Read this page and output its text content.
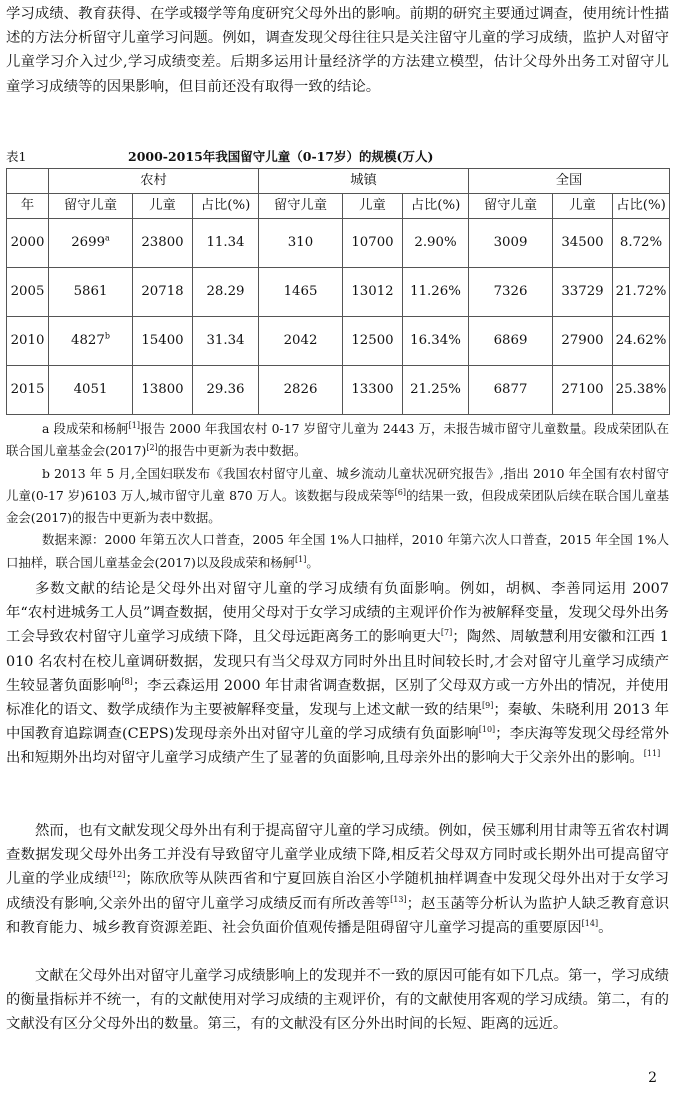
学习成绩、教育获得、在学或辍学等角度研究父母外出的影响。前期的研究主要通过调查，使用统计性描述的方法分析留守儿童学习问题。例如，调查发现父母往往只是关注留守儿童的学习成绩，监护人对留守儿童学习介入过少,学习成绩变差。后期多运用计量经济学的方法建立模型，估计父母外出务工对留守儿童学习成绩等的因果影响，但目前还没有取得一致的结论。
表1	2000-2015年我国留守儿童（0-17岁）的规模(万人)
	农村			城镇			全国		
年	留守儿童	儿童	占比(%)	留守儿童	儿童	占比(%)	留守儿童	儿童	占比(%)
2000	2699$^a$	23800	11.34	310	10700	2.90%	3009	34500	8.72%
2005	5861	20718	28.29	1465	13012	11.26%	7326	33729	21.72%
2010	4827$^b$	15400	31.34	2042	12500	16.34%	6869	27900	24.62%
2015	4051	13800	29.36	2826	13300	21.25%	6877	27100	25.38%

a 段成荣和杨舸[1]报告 2000 年我国农村 0-17 岁留守儿童为 2443 万，未报告城市留守儿童数量。段成荣团队在联合国儿童基金会(2017)[2]的报告中更新为表中数据。

b 2013 年 5 月,全国妇联发布《我国农村留守儿童、城乡流动儿童状况研究报告》,指出 2010 年全国有农村留守儿童(0-17 岁)6103 万人,城市留守儿童 870 万人。该数据与段成荣等[6]的结果一致，但段成荣团队后续在联合国儿童基金会(2017)的报告中更新为表中数据。

数据来源：2000 年第五次人口普查，2005 年全国 1%人口抽样，2010 年第六次人口普查，2015 年全国 1%人口抽样，联合国儿童基金会(2017)以及段成荣和杨舸[1]。

多数文献的结论是父母外出对留守儿童的学习成绩有负面影响。例如，胡枫、李善同运用 2007 年“农村进城务工人员”调查数据，使用父母对于女学习成绩的主观评价作为被解释变量，发现父母外出务工会导致农村留守儿童学习成绩下降，且父母远距离务工的影响更大[7]；陶然、周敏慧利用安徽和江西 1010 名农村在校儿童调研数据，发现只有当父母双方同时外出且时间较长时,才会对留守儿童学习成绩产生较显著负面影响[8]；李云森运用 2000 年甘肃省调查数据，区别了父母双方或一方外出的情况，并使用标准化的语文、数学成绩作为主要被解释变量，发现与上述文献一致的结果[9]；秦敏、朱晓利用 2013 年中国教育追踪调查(CEPS)发现母亲外出对留守儿童的学习成绩有负面影响[10]；李庆海等发现父母经常外出和短期外出均对留守儿童学习成绩产生了显著的负面影响,且母亲外出的影响大于父亲外出的影响。[11]

然而，也有文献发现父母外出有利于提高留守儿童的学习成绩。例如，侯玉娜利用甘肃等五省农村调查数据发现父母外出务工并没有导致留守儿童学业成绩下降,相反若父母双方同时或长期外出可提高留守儿童的学业成绩[12]；陈欣欣等从陕西省和宁夏回族自治区小学随机抽样调查中发现父母外出对于女学习成绩没有影响,父亲外出的留守儿童学习成绩反而有所改善等[13]；赵玉菡等分析认为监护人缺乏教育意识和教育能力、城乡教育资源差距、社会负面价值观传播是阻碍留守儿童学习提高的重要原因[14]。

文献在父母外出对留守儿童学习成绩影响上的发现并不一致的原因可能有如下几点。第一，学习成绩的衡量指标并不统一，有的文献使用对学习成绩的主观评价，有的文献使用客观的学习成绩。第二，有的文献没有区分父母外出的数量。第三，有的文献没有区分外出时间的长短、距离的远近。

2
